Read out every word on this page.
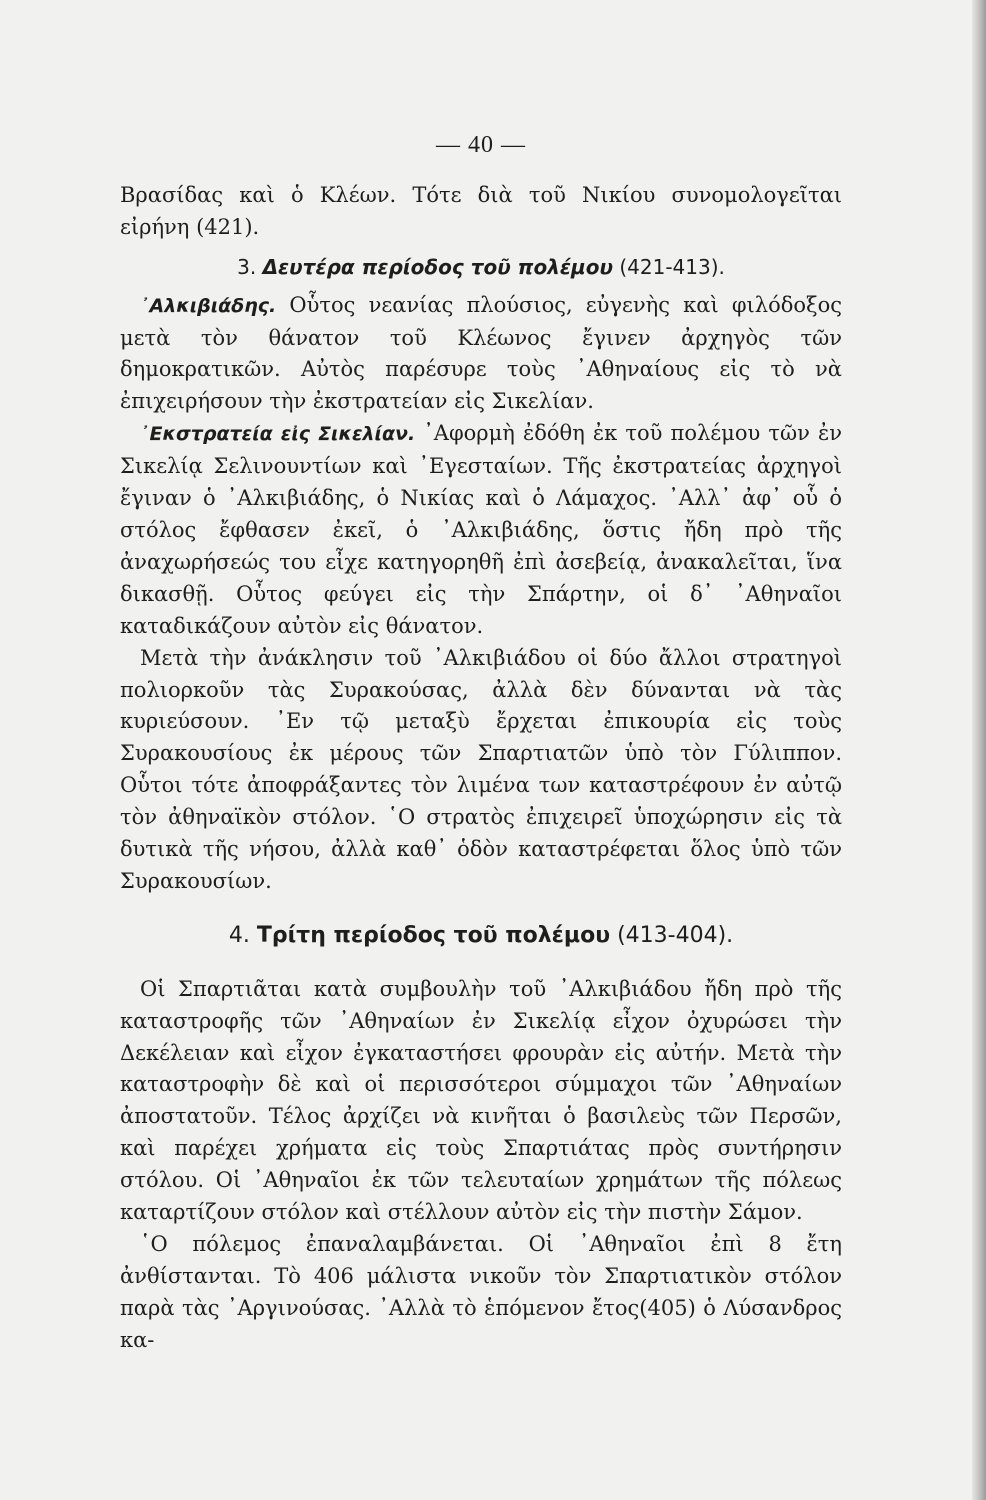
— 40 —

Βρασίδας καὶ ὁ Κλέων. Τότε διὰ τοῦ Νικίου συνομολογεῖται εἰρήνη (421).

3. Δευτέρα περίοδος τοῦ πολέμου (421-413).

᾿Αλκιβιάδης. Οὗτος νεανίας πλούσιος, εὐγενὴς καὶ φιλόδοξος μετὰ τὸν θάνατον τοῦ Κλέωνος ἔγινεν ἀρχηγὸς τῶν δημοκρατικῶν. Αὐτὸς παρέσυρε τοὺς ᾿Αθηναίους εἰς τὸ νὰ ἐπιχειρήσουν τὴν ἐκστρατείαν εἰς Σικελίαν.

᾿Εκστρατεία εἰς Σικελίαν. ᾿Αφορμὴ ἐδόθη ἐκ τοῦ πολέμου τῶν ἐν Σικελίᾳ Σελινουντίων καὶ ᾿Εγεσταίων. Τῆς ἐκστρατείας ἀρχηγοὶ ἔγιναν ὁ ᾿Αλκιβιάδης, ὁ Νικίας καὶ ὁ Λάμαχος. ᾿Αλλ᾿ ἀφ᾿ οὗ ὁ στόλος ἔφθασεν ἐκεῖ, ὁ ᾿Αλκιβιάδης, ὅστις ἤδη πρὸ τῆς ἀναχωρήσεώς του εἶχε κατηγορηθῆ ἐπὶ ἀσεβείᾳ, ἀνακαλεῖται, ἵνα δικασθῇ. Οὗτος φεύγει εἰς τὴν Σπάρτην, οἱ δ᾿ ᾿Αθηναῖοι καταδικάζουν αὐτὸν εἰς θάνατον.

Μετὰ τὴν ἀνάκλησιν τοῦ ᾿Αλκιβιάδου οἱ δύο ἄλλοι στρατηγοὶ πολιορκοῦν τὰς Συρακούσας, ἀλλὰ δὲν δύνανται νὰ τὰς κυριεύσουν. ᾿Εν τῷ μεταξὺ ἔρχεται ἐπικουρία εἰς τοὺς Συρακουσίους ἐκ μέρους τῶν Σπαρτιατῶν ὑπὸ τὸν Γύλιππον. Οὗτοι τότε ἀποφράξαντες τὸν λιμένα των καταστρέφουν ἐν αὐτῷ τὸν ἀθηναϊκὸν στόλον. ῾Ο στρατὸς ἐπιχειρεῖ ὑποχώρησιν εἰς τὰ δυτικὰ τῆς νήσου, ἀλλὰ καθ᾿ ὁδὸν καταστρέφεται ὅλος ὑπὸ τῶν Συρακουσίων.

4. Τρίτη περίοδος τοῦ πολέμου (413-404).

Οἱ Σπαρτιᾶται κατὰ συμβουλὴν τοῦ ᾿Αλκιβιάδου ἤδη πρὸ τῆς καταστροφῆς τῶν ᾿Αθηναίων ἐν Σικελίᾳ εἶχον ὀχυρώσει τὴν Δεκέλειαν καὶ εἶχον ἐγκαταστήσει φρουρὰν εἰς αὐτήν. Μετὰ τὴν καταστροφὴν δὲ καὶ οἱ περισσότεροι σύμμαχοι τῶν ᾿Αθηναίων ἀποστατοῦν. Τέλος ἀρχίζει νὰ κινῆται ὁ βασιλεὺς τῶν Περσῶν, καὶ παρέχει χρήματα εἰς τοὺς Σπαρτιάτας πρὸς συντήρησιν στόλου. Οἱ ᾿Αθηναῖοι ἐκ τῶν τελευταίων χρημάτων τῆς πόλεως καταρτίζουν στόλον καὶ στέλλουν αὐτὸν εἰς τὴν πιστὴν Σάμον.

῾Ο πόλεμος ἐπαναλαμβάνεται. Οἱ ᾿Αθηναῖοι ἐπὶ 8 ἔτη ἀνθίστανται. Τὸ 406 μάλιστα νικοῦν τὸν Σπαρτιατικὸν στόλον παρὰ τὰς ᾿Αργινούσας. ᾿Αλλὰ τὸ ἑπόμενον ἔτος(405) ὁ Λύσανδρος κα-
